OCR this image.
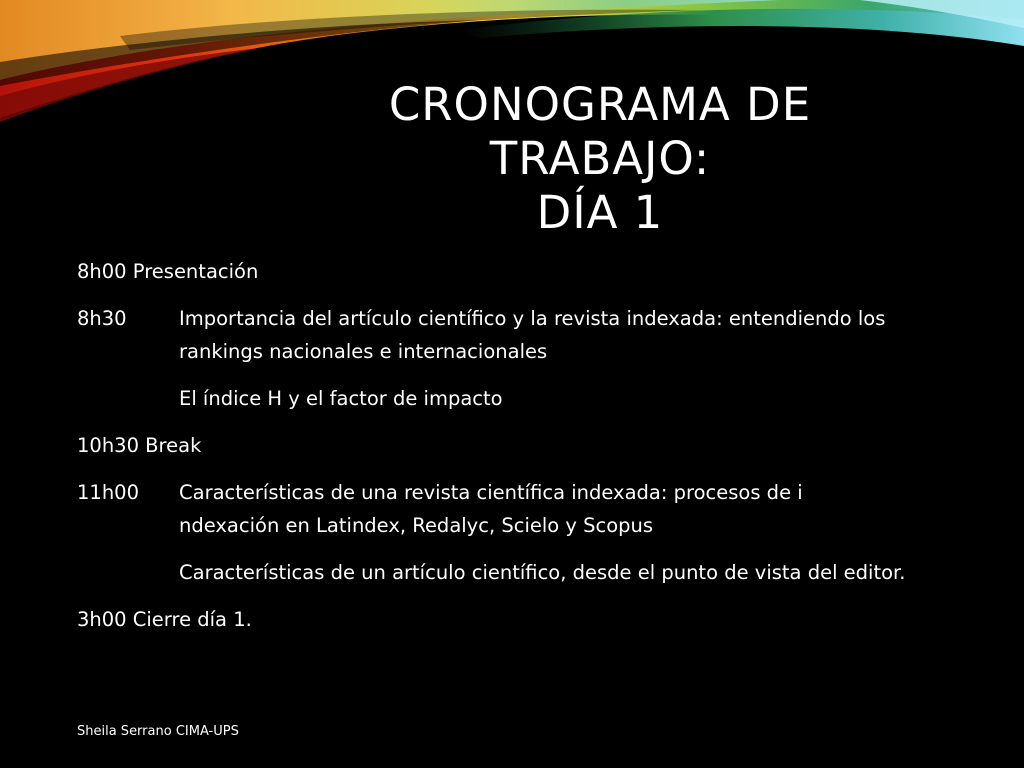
CRONOGRAMA DE
TRABAJO:
DÍA 1
8h00 Presentación
8h30	Importancia del artículo científico y la revista indexada: entendiendo los rankings nacionales e internacionales
El índice H y el factor de impacto
10h30 Break
11h00	Características de una revista científica indexada: procesos de i ndexación en Latindex, Redalyc, Scielo y Scopus
Características de un artículo científico, desde el punto de vista del editor.
3h00 Cierre día 1.
Sheila Serrano CIMA-UPS
